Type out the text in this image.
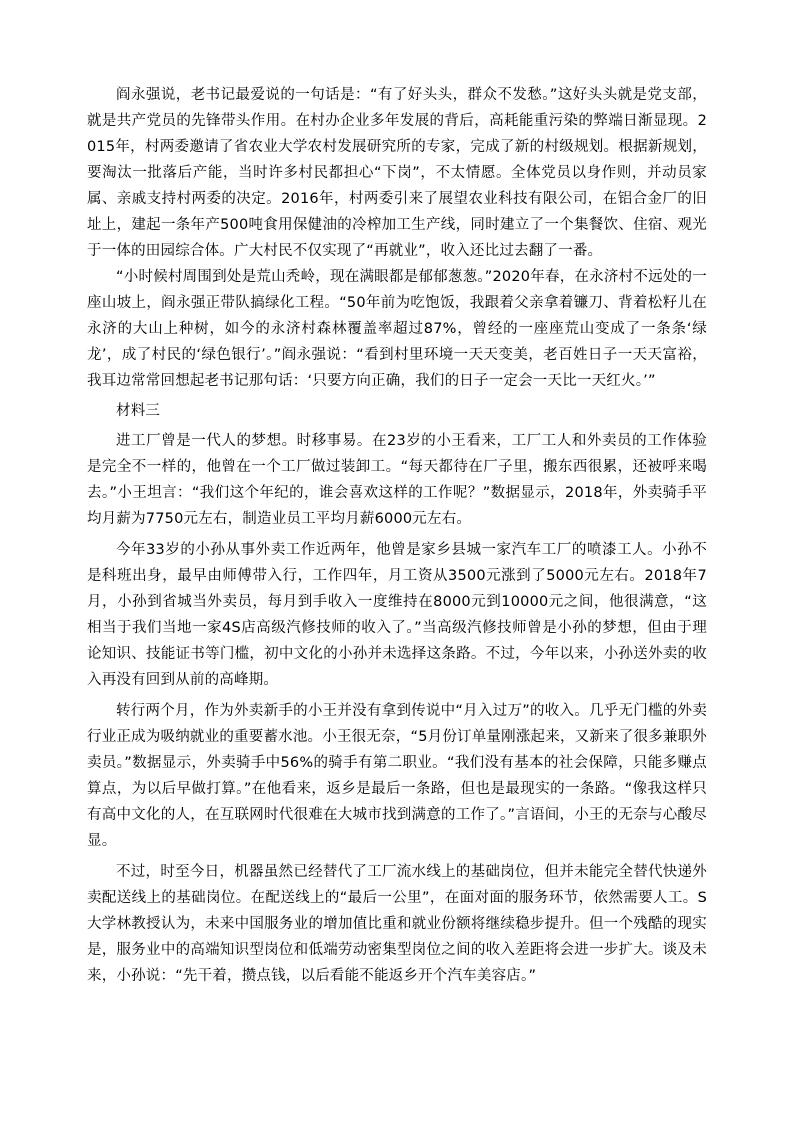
阎永强说，老书记最爱说的一句话是：“有了好头头，群众不发愁。”这好头头就是党支部，就是共产党员的先锋带头作用。在村办企业多年发展的背后，高耗能重污染的弊端日渐显现。2015年，村两委邀请了省农业大学农村发展研究所的专家，完成了新的村级规划。根据新规划，要淘汰一批落后产能，当时许多村民都担心“下岗”，不太情愿。全体党员以身作则，并动员家属、亲戚支持村两委的决定。2016年，村两委引来了展望农业科技有限公司，在铝合金厂的旧址上，建起一条年产500吨食用保健油的冷榨加工生产线，同时建立了一个集餐饮、住宿、观光于一体的田园综合体。广大村民不仅实现了“再就业”，收入还比过去翻了一番。

“小时候村周围到处是荒山秃岭，现在满眼都是郁郁葱葱。”2020年春，在永济村不远处的一座山坡上，阎永强正带队搞绿化工程。“50年前为吃饱饭，我跟着父亲拿着镰刀、背着松籽儿在永济的大山上种树，如今的永济村森林覆盖率超过87%，曾经的一座座荒山变成了一条条‘绿龙’，成了村民的‘绿色银行’。”阎永强说：“看到村里环境一天天变美，老百姓日子一天天富裕，我耳边常常回想起老书记那句话：‘只要方向正确，我们的日子一定会一天比一天红火。’”

材料三

进工厂曾是一代人的梦想。时移事易。在23岁的小王看来，工厂工人和外卖员的工作体验是完全不一样的，他曾在一个工厂做过装卸工。“每天都待在厂子里，搬东西很累，还被呼来喝去。”小王坦言：“我们这个年纪的，谁会喜欢这样的工作呢？”数据显示，2018年，外卖骑手平均月薪为7750元左右，制造业员工平均月薪6000元左右。

今年33岁的小孙从事外卖工作近两年，他曾是家乡县城一家汽车工厂的喷漆工人。小孙不是科班出身，最早由师傅带入行，工作四年，月工资从3500元涨到了5000元左右。2018年7月，小孙到省城当外卖员，每月到手收入一度维持在8000元到10000元之间，他很满意，“这相当于我们当地一家4S店高级汽修技师的收入了。”当高级汽修技师曾是小孙的梦想，但由于理论知识、技能证书等门槛，初中文化的小孙并未选择这条路。不过，今年以来，小孙送外卖的收入再没有回到从前的高峰期。

转行两个月，作为外卖新手的小王并没有拿到传说中“月入过万”的收入。几乎无门槛的外卖行业正成为吸纳就业的重要蓄水池。小王很无奈，“5月份订单量刚涨起来，又新来了很多兼职外卖员。”数据显示，外卖骑手中56%的骑手有第二职业。“我们没有基本的社会保障，只能多赚点算点，为以后早做打算。”在他看来，返乡是最后一条路，但也是最现实的一条路。“像我这样只有高中文化的人，在互联网时代很难在大城市找到满意的工作了。”言语间，小王的无奈与心酸尽显。

不过，时至今日，机器虽然已经替代了工厂流水线上的基础岗位，但并未能完全替代快递外卖配送线上的基础岗位。在配送线上的“最后一公里”，在面对面的服务环节，依然需要人工。S大学林教授认为，未来中国服务业的增加值比重和就业份额将继续稳步提升。但一个残酷的现实是，服务业中的高端知识型岗位和低端劳动密集型岗位之间的收入差距将会进一步扩大。谈及未来，小孙说：“先干着，攒点钱，以后看能不能返乡开个汽车美容店。”
